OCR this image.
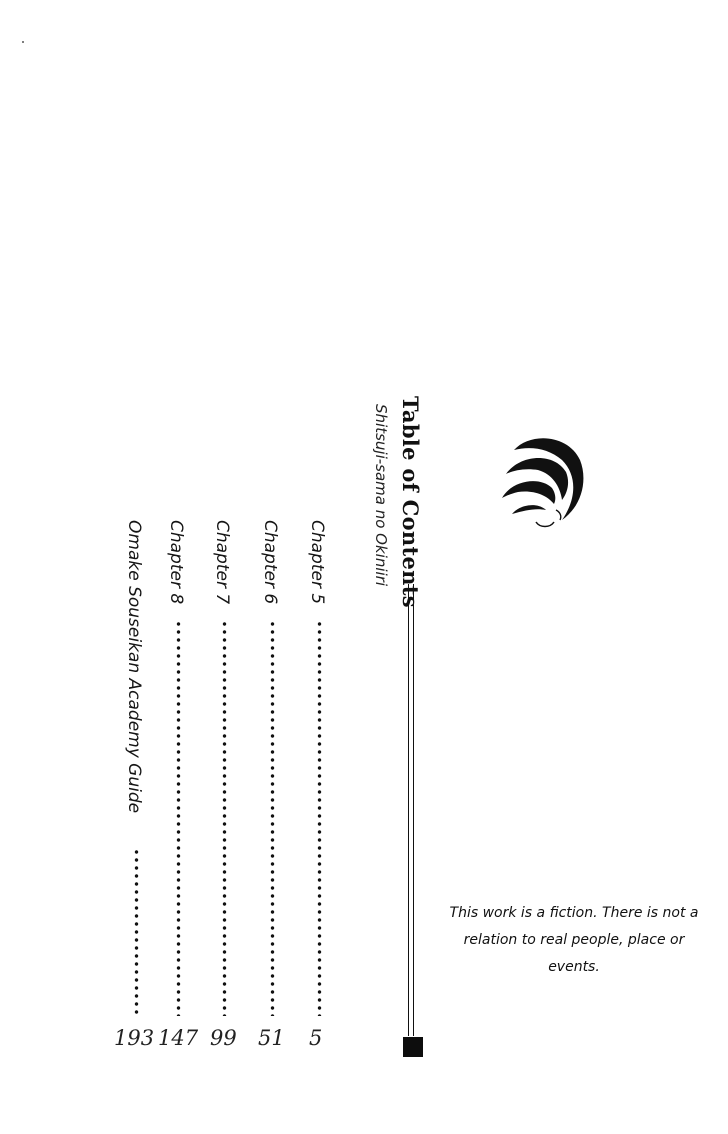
Table of Contents
Shitsuji-sama no Okiniiri
Chapter 5
5
Chapter 6
51
Chapter 7
99
Chapter 8
147
Omake Souseikan Academy Guide
193
This work is a fiction. There is not a
relation to real people, place or events.
